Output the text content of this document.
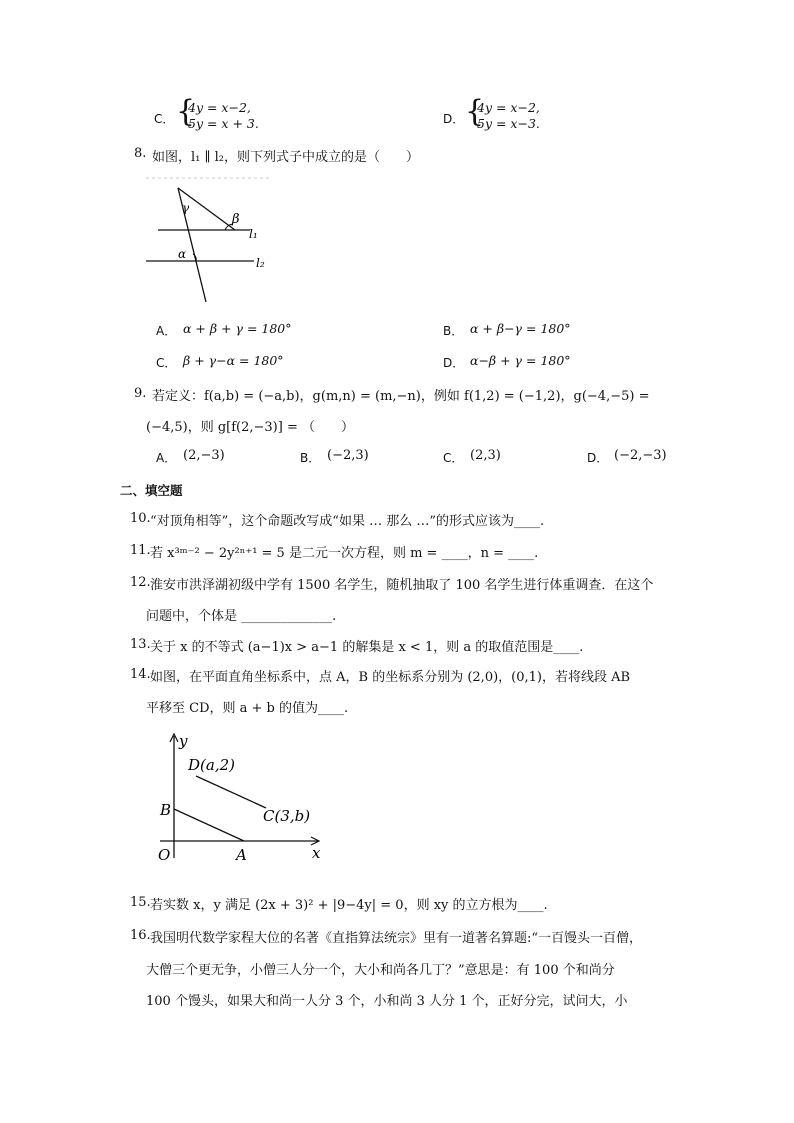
C． {
4y = x−2,
5y = x + 3.	D． {
4y = x−2,
5y = x−3.
8. 如图，l₁ ∥ l₂，则下列式子中成立的是（　　）
γ
β
α
l₁
l₂
A． α + β + γ = 180°	B． α + β−γ = 180°
C． β + γ−α = 180°	D． α−β + γ = 180°
9. 若定义：f(a,b) = (−a,b)，g(m,n) = (m,−n)，例如 f(1,2) = (−1,2)，g(−4,−5) =
(−4,5)，则 g[f(2,−3)] = （　　）
A． (2,−3)	B． (−2,3)	C． (2,3)	D． (−2,−3)
二、填空题
10. “对顶角相等”，这个命题改写成“如果 … 那么 …”的形式应该为____.
11. 若 x³ᵐ⁻² − 2y²ⁿ⁺¹ = 5 是二元一次方程，则 m = ____，n = ____.
12. 淮安市洪泽湖初级中学有 1500 名学生，随机抽取了 100 名学生进行体重调查．在这个
问题中，个体是 ______________.
13. 关于 x 的不等式 (a−1)x > a−1 的解集是 x < 1，则 a 的取值范围是____.
14. 如图，在平面直角坐标系中，点 A，B 的坐标系分别为 (2,0)，(0,1)，若将线段 AB
平移至 CD，则 a + b 的值为____.
y
x
O	A
B	C(3,b)
D(a,2)
15. 若实数 x，y 满足 (2x + 3)² + |9−4y| = 0，则 xy 的立方根为____.
16. 我国明代数学家程大位的名著《直指算法统宗》里有一道著名算题:“一百馒头一百僧，
大僧三个更无争，小僧三人分一个，大小和尚各几丁？”意思是：有 100 个和尚分
100 个馒头，如果大和尚一人分 3 个，小和尚 3 人分 1 个，正好分完，试问大，小
